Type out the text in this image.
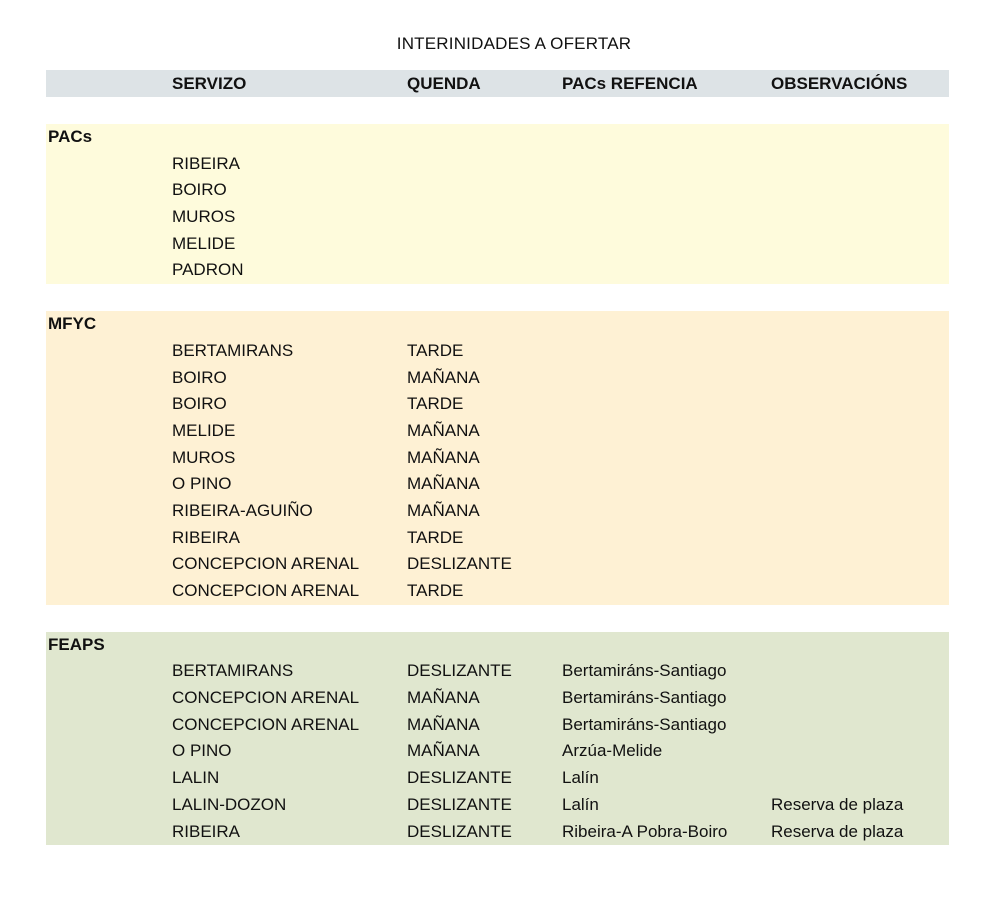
INTERINIDADES A OFERTAR
SERVIZO	QUENDA	PACs REFENCIA	OBSERVACIÓNS
PACs
RIBEIRA
BOIRO
MUROS
MELIDE
PADRON
MFYC
BERTAMIRANS	TARDE
BOIRO	MAÑANA
BOIRO	TARDE
MELIDE	MAÑANA
MUROS	MAÑANA
O PINO	MAÑANA
RIBEIRA-AGUIÑO	MAÑANA
RIBEIRA	TARDE
CONCEPCION ARENAL	DESLIZANTE
CONCEPCION ARENAL	TARDE
FEAPS
BERTAMIRANS	DESLIZANTE	Bertamiráns-Santiago
CONCEPCION ARENAL	MAÑANA	Bertamiráns-Santiago
CONCEPCION ARENAL	MAÑANA	Bertamiráns-Santiago
O PINO	MAÑANA	Arzúa-Melide
LALIN	DESLIZANTE	Lalín
LALIN-DOZON	DESLIZANTE	Lalín	Reserva de plaza
RIBEIRA	DESLIZANTE	Ribeira-A Pobra-Boiro	Reserva de plaza
